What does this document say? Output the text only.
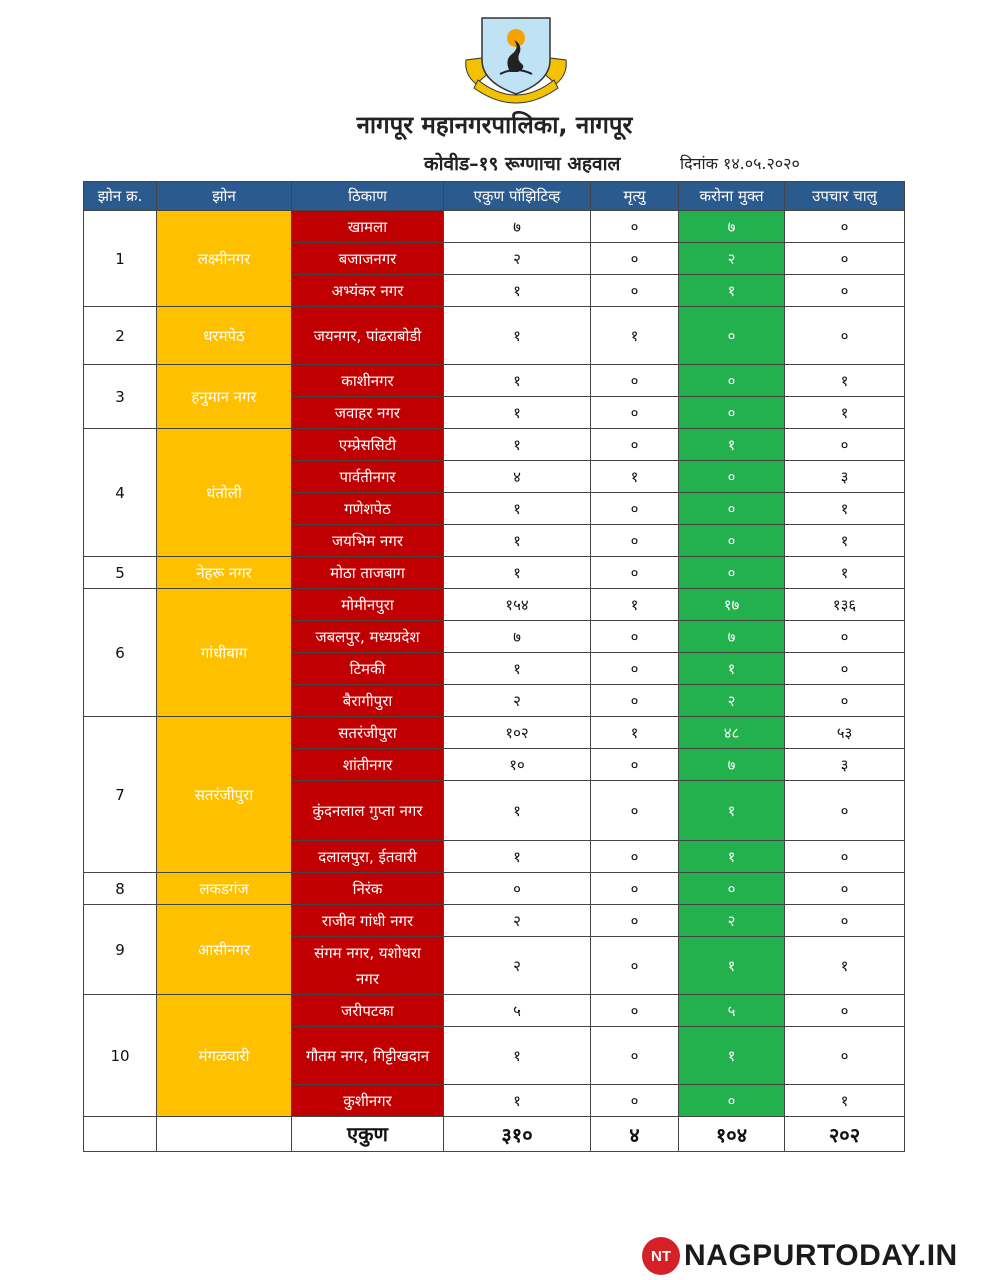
नागपूर महानगरपालिका, नागपूर
कोवीड–१९ रूग्णाचा अहवाल	दिनांक १४.०५.२०२०
झोन क्र.	झोन	ठिकाण	एकुण पॉझिटिव्ह	मृत्यु	करोना मुक्त	उपचार चालु
1	लक्ष्मीनगर	खामला	७	०	७	०
		बजाजनगर	२	०	२	०
		अभ्यंकर नगर	१	०	१	०
2	धरमपेठ	जयनगर, पांढराबोडी	१	१	०	०
3	हनुमान नगर	काशीनगर	१	०	०	१
		जवाहर नगर	१	०	०	१
4	धंतोली	एम्प्रेससिटी	१	०	१	०
		पार्वतीनगर	४	१	०	३
		गणेशपेठ	१	०	०	१
		जयभिम नगर	१	०	०	१
5	नेहरू नगर	मोठा ताजबाग	१	०	०	१
6	गांधीबाग	मोमीनपुरा	१५४	१	१७	१३६
		जबलपुर, मध्यप्रदेश	७	०	७	०
		टिमकी	१	०	१	०
		बैरागीपुरा	२	०	२	०
7	सतरंजीपुरा	सतरंजीपुरा	१०२	१	४८	५३
		शांतीनगर	१०	०	७	३
		कुंदनलाल गुप्ता नगर	१	०	१	०
		दलालपुरा, ईतवारी	१	०	१	०
8	लकडगंज	निरंक	०	०	०	०
9	आसीनगर	राजीव गांधी नगर	२	०	२	०
		संगम नगर, यशोधरा नगर	२	०	१	१
10	मंगळवारी	जरीपटका	५	०	५	०
		गौतम नगर, गिट्टीखदान	१	०	१	०
		कुशीनगर	१	०	०	१
		एकुण	३१०	४	१०४	२०२
NT NAGPURTODAY.IN
